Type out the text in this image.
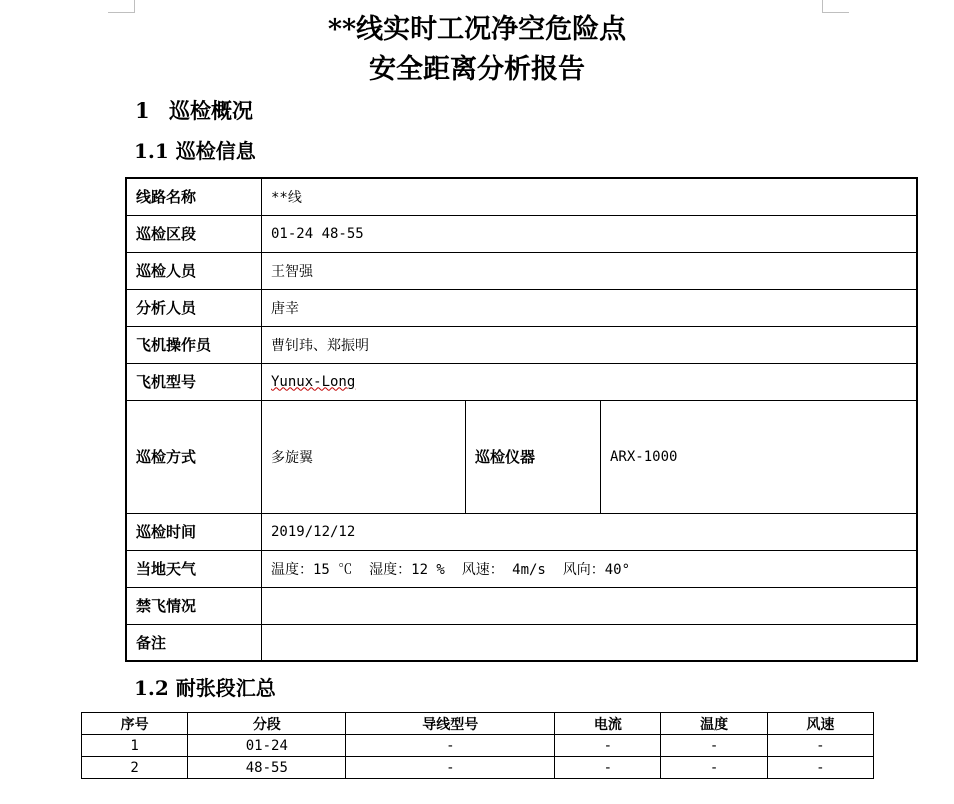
**线实时工况净空危险点
安全距离分析报告
1 巡检概况
1.1 巡检信息
线路名称	**线		
巡检区段	01-24 48-55		
巡检人员	王智强		
分析人员	唐幸		
飞机操作员	曹钊玮、郑振明		
飞机型号	Yunux-Long		
巡检方式	多旋翼	巡检仪器	ARX-1000
巡检时间	2019/12/12		
当地天气	温度：15 ℃  湿度：12 %  风速： 4m/s  风向：40°		
禁飞情况			
备注			
1.2 耐张段汇总
序号	分段	导线型号	电流	温度	风速
1	01-24	-	-	-	-
2	48-55	-	-	-	-
